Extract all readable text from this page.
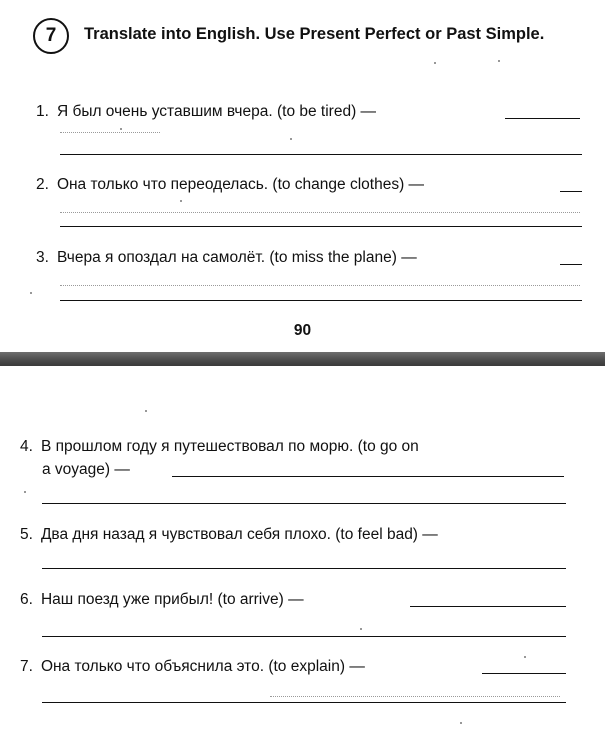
7	Translate into English. Use Present Perfect or Past Simple.

1. Я был очень уставшим вчера. (to be tired) —
2. Она только что переоделась. (to change clothes) —
3. Вчера я опоздал на самолёт. (to miss the plane) —
90
4. В прошлом году я путешествовал по морю. (to go on
a voyage) —
5. Два дня назад я чувствовал себя плохо. (to feel bad) —
6. Наш поезд уже прибыл! (to arrive) —
7. Она только что объяснила это. (to explain) —
